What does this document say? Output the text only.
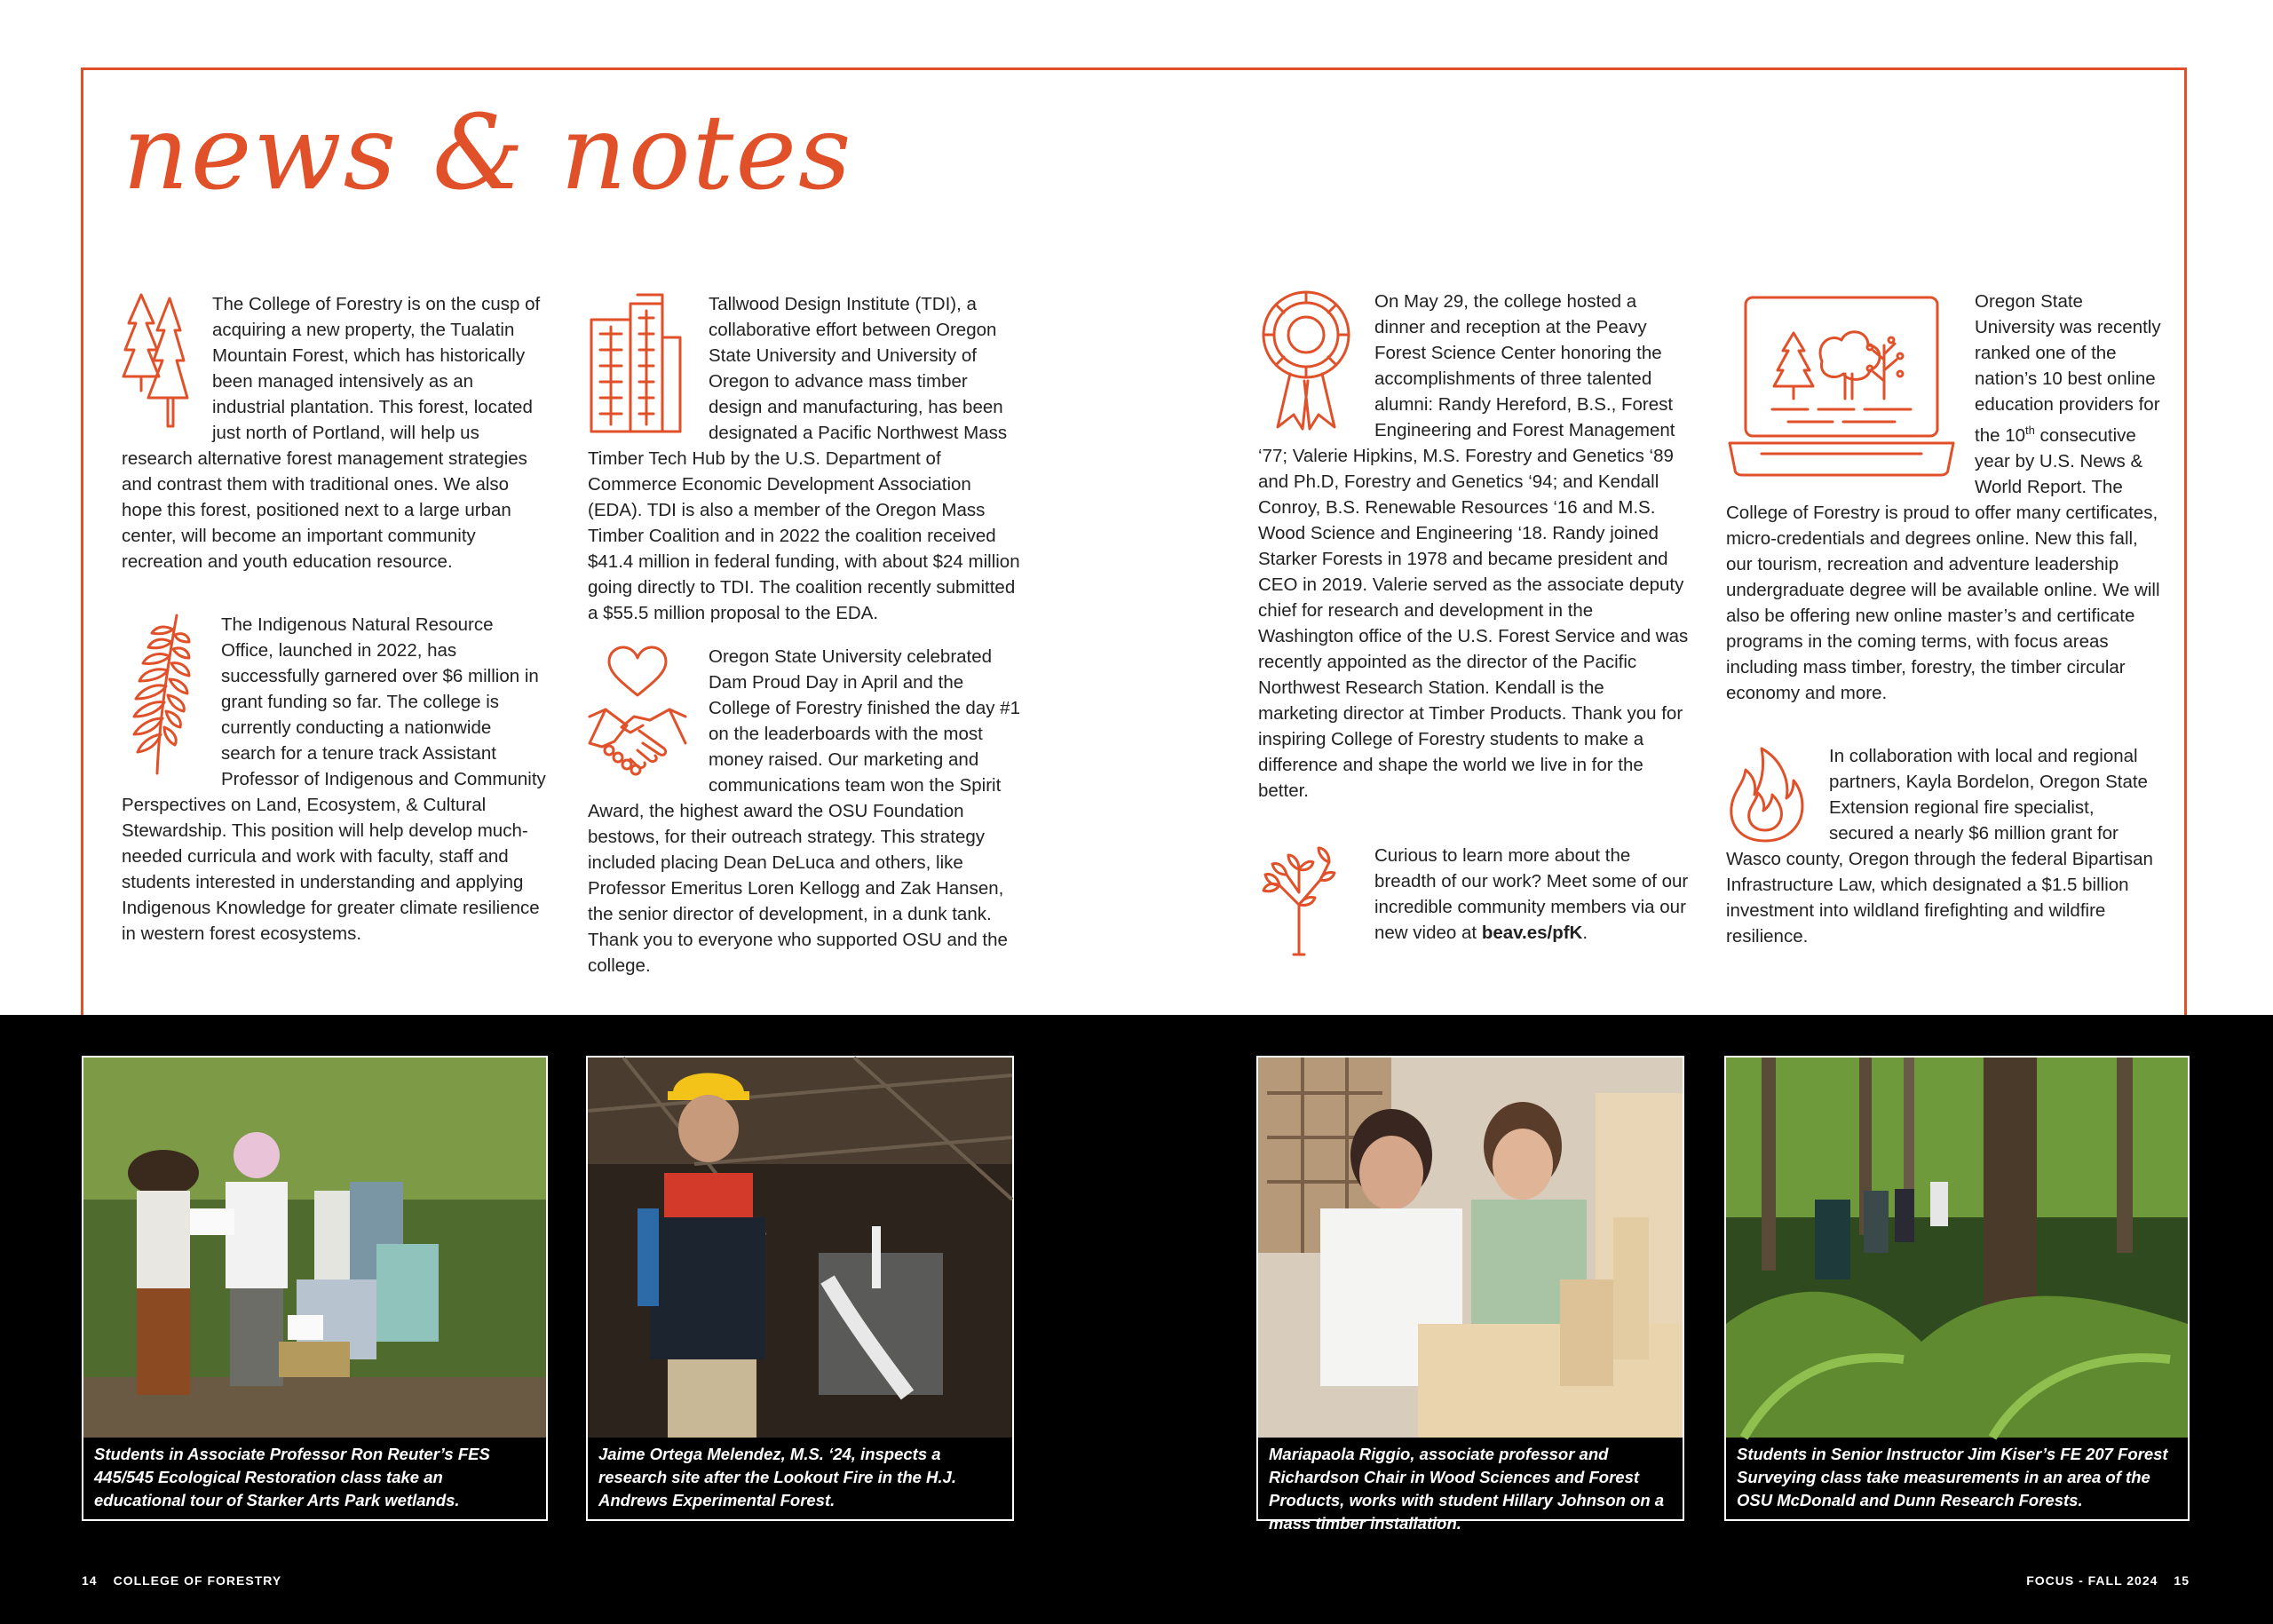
news & notes

The College of Forestry is on the cusp of acquiring a new property, the Tualatin Mountain Forest, which has historically been managed intensively as an industrial plantation. This forest, located just north of Portland, will help us research alternative forest management strategies and contrast them with traditional ones. We also hope this forest, positioned next to a large urban center, will become an important community recreation and youth education resource.

The Indigenous Natural Resource Office, launched in 2022, has successfully garnered over $6 million in grant funding so far. The college is currently conducting a nationwide search for a tenure track Assistant Professor of Indigenous and Community Perspectives on Land, Ecosystem, & Cultural Stewardship. This position will help develop much-needed curricula and work with faculty, staff and students interested in understanding and applying Indigenous Knowledge for greater climate resilience in western forest ecosystems.

Tallwood Design Institute (TDI), a collaborative effort between Oregon State University and University of Oregon to advance mass timber design and manufacturing, has been designated a Pacific Northwest Mass Timber Tech Hub by the U.S. Department of Commerce Economic Development Association (EDA). TDI is also a member of the Oregon Mass Timber Coalition and in 2022 the coalition received $41.4 million in federal funding, with about $24 million going directly to TDI. The coalition recently submitted a $55.5 million proposal to the EDA.

Oregon State University celebrated Dam Proud Day in April and the College of Forestry finished the day #1 on the leaderboards with the most money raised. Our marketing and communications team won the Spirit Award, the highest award the OSU Foundation bestows, for their outreach strategy. This strategy included placing Dean DeLuca and others, like Professor Emeritus Loren Kellogg and Zak Hansen, the senior director of development, in a dunk tank. Thank you to everyone who supported OSU and the college.

On May 29, the college hosted a dinner and reception at the Peavy Forest Science Center honoring the accomplishments of three talented alumni: Randy Hereford, B.S., Forest Engineering and Forest Management ‘77; Valerie Hipkins, M.S. Forestry and Genetics ‘89 and Ph.D, Forestry and Genetics ‘94; and Kendall Conroy, B.S. Renewable Resources ‘16 and M.S. Wood Science and Engineering ‘18. Randy joined Starker Forests in 1978 and became president and CEO in 2019. Valerie served as the associate deputy chief for research and development in the Washington office of the U.S. Forest Service and was recently appointed as the director of the Pacific Northwest Research Station. Kendall is the marketing director at Timber Products. Thank you for inspiring College of Forestry students to make a difference and shape the world we live in for the better.

Curious to learn more about the breadth of our work? Meet some of our incredible community members via our new video at beav.es/pfK.

Oregon State University was recently ranked one of the nation’s 10 best online education providers for the 10th consecutive year by U.S. News & World Report. The College of Forestry is proud to offer many certificates, micro-credentials and degrees online. New this fall, our tourism, recreation and adventure leadership undergraduate degree will be available online. We will also be offering new online master’s and certificate programs in the coming terms, with focus areas including mass timber, forestry, the timber circular economy and more.

In collaboration with local and regional partners, Kayla Bordelon, Oregon State Extension regional fire specialist, secured a nearly $6 million grant for Wasco county, Oregon through the federal Bipartisan Infrastructure Law, which designated a $1.5 billion investment into wildland firefighting and wildfire resilience.

Students in Associate Professor Ron Reuter’s FES 445/545 Ecological Restoration class take an educational tour of Starker Arts Park wetlands.

Jaime Ortega Melendez, M.S. ‘24, inspects a research site after the Lookout Fire in the H.J. Andrews Experimental Forest.

Mariapaola Riggio, associate professor and Richardson Chair in Wood Sciences and Forest Products, works with student Hillary Johnson on a mass timber installation.

Students in Senior Instructor Jim Kiser’s FE 207 Forest Surveying class take measurements in an area of the OSU McDonald and Dunn Research Forests.

14 COLLEGE OF FORESTRY	FOCUS - FALL 2024 15
